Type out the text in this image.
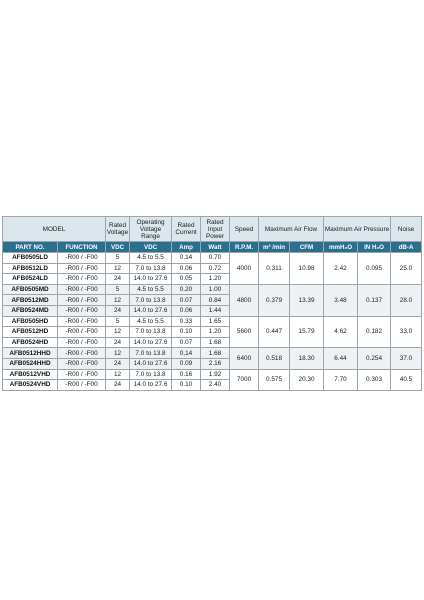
MODEL		Rated Voltage	Operating Voltage Range	Rated Current	Rated Input Power	Speed	Maximum Air Flow		Maximum Air Pressure		Noise
PART NO.	FUNCTION	VDC	VDC	Amp	Watt	R.P.M.	m³ /min	CFM	mmH₂O	IN H₂O	dB-A
AFB0505LD	-R00 / -F00	5	4.5 to 5.5	0.14	0.70	4000	0.311	10.98	2.42	0.095	25.0
AFB0512LD	-R00 / -F00	12	7.0 to 13.8	0.06	0.72						
AFB0524LD	-R00 / -F00	24	14.0 to 27.6	0.05	1.20						
AFB0505MD	-R00 / -F00	5	4.5 to 5.5	0.20	1.00	4800	0.379	13.39	3.48	0.137	28.0
AFB0512MD	-R00 / -F00	12	7.0 to 13.8	0.07	0.84						
AFB0524MD	-R00 / -F00	24	14.0 to 27.6	0.06	1.44						
AFB0505HD	-R00 / -F00	5	4.5 to 5.5	0.33	1.65	5600	0.447	15.79	4.62	0.182	33.0
AFB0512HD	-R00 / -F00	12	7.0 to 13.8	0.10	1.20						
AFB0524HD	-R00 / -F00	24	14.0 to 27.6	0.07	1.68						
AFB0512HHD	-R00 / -F00	12	7.0 to 13.8	0.14	1.68	6400	0.518	18.30	6.44	0.254	37.0
AFB0524HHD	-R00 / -F00	24	14.0 to 27.6	0.09	2.16						
AFB0512VHD	-R00 / -F00	12	7.0 to 13.8	0.16	1.92	7000	0.575	20.30	7.70	0.303	40.5
AFB0524VHD	-R00 / -F00	24	14.0 to 27.6	0.10	2.40						
